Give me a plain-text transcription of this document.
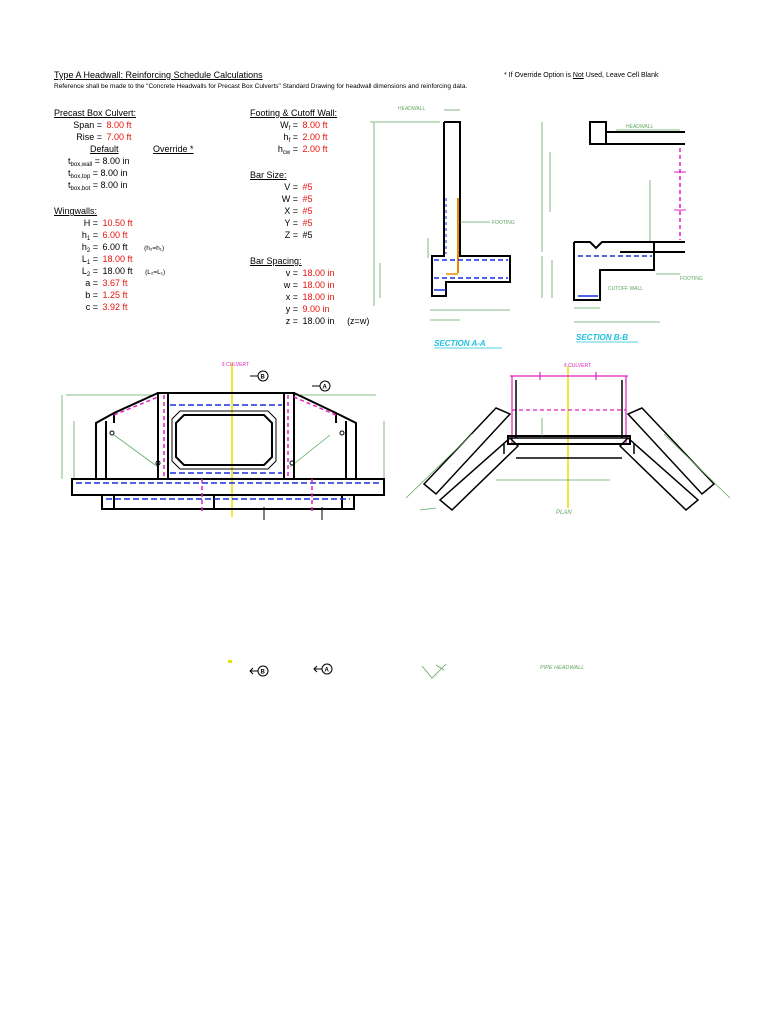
Type A Headwall: Reinforcing Schedule Calculations	* If Override Option is Not Used, Leave Cell Blank
Reference shall be made to the "Concrete Headwalls for Precast Box Culverts" Standard Drawing for headwall dimensions and reinforcing data.
Precast Box Culvert:
Span = 8.00 ft
Rise = 7.00 ft
Default	Override *
$t_{box,wall} = 8.00$ in
$t_{box,top} = 8.00$ in
$t_{box,bot} = 8.00$ in
Wingwalls:
H = 10.50 ft
$h_1 = 6.00$ ft
$h_2 = 6.00$ ft	(h₂=h₁)
$L_1 = 18.00$ ft
$L_2 = 18.00$ ft (L₂=L₁)
a = 3.67 ft
b = 1.25 ft
c = 3.92 ft
Footing & Cutoff Wall:
$W_f = 8.00$ ft
$h_f = 2.00$ ft
$h_{cw} = 2.00$ ft
Bar Size:
V = #5
W = #5
X = #5
Y = #5
Z = #5
Bar Spacing:
v = 18.00 in
w = 18.00 in
x = 18.00 in
y = 9.00 in
z = 18.00 in (z=w)
HEADWALL
FOOTING
SECTION A-A
HEADWALL
CUTOFF WALL
FOOTING
SECTION B-B
¢ CULVERT
B
A
¢ CULVERT
PLAN
B	A	PIPE HEADWALL
